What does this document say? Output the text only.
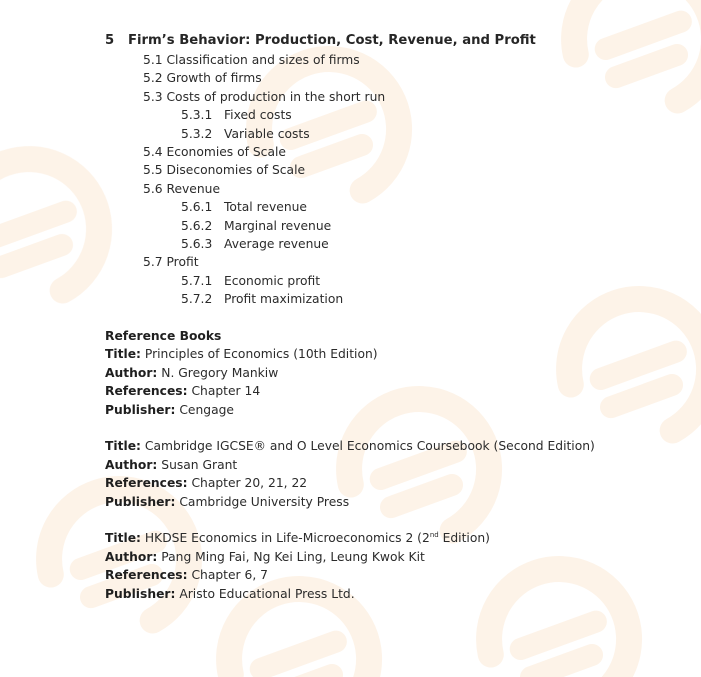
5 Firm’s Behavior: Production, Cost, Revenue, and Profit
5.1 Classification and sizes of firms
5.2 Growth of firms
5.3 Costs of production in the short run
5.3.1 Fixed costs
5.3.2 Variable costs
5.4 Economies of Scale
5.5 Diseconomies of Scale
5.6 Revenue
5.6.1 Total revenue
5.6.2 Marginal revenue
5.6.3 Average revenue
5.7 Profit
5.7.1 Economic profit
5.7.2 Profit maximization
Reference Books
Title: Principles of Economics (10th Edition)
Author: N. Gregory Mankiw
References: Chapter 14
Publisher: Cengage
Title: Cambridge IGCSE® and O Level Economics Coursebook (Second Edition)
Author: Susan Grant
References: Chapter 20, 21, 22
Publisher: Cambridge University Press
Title: HKDSE Economics in Life-Microeconomics 2 (2nd Edition)
Author: Pang Ming Fai, Ng Kei Ling, Leung Kwok Kit
References: Chapter 6, 7
Publisher: Aristo Educational Press Ltd.
